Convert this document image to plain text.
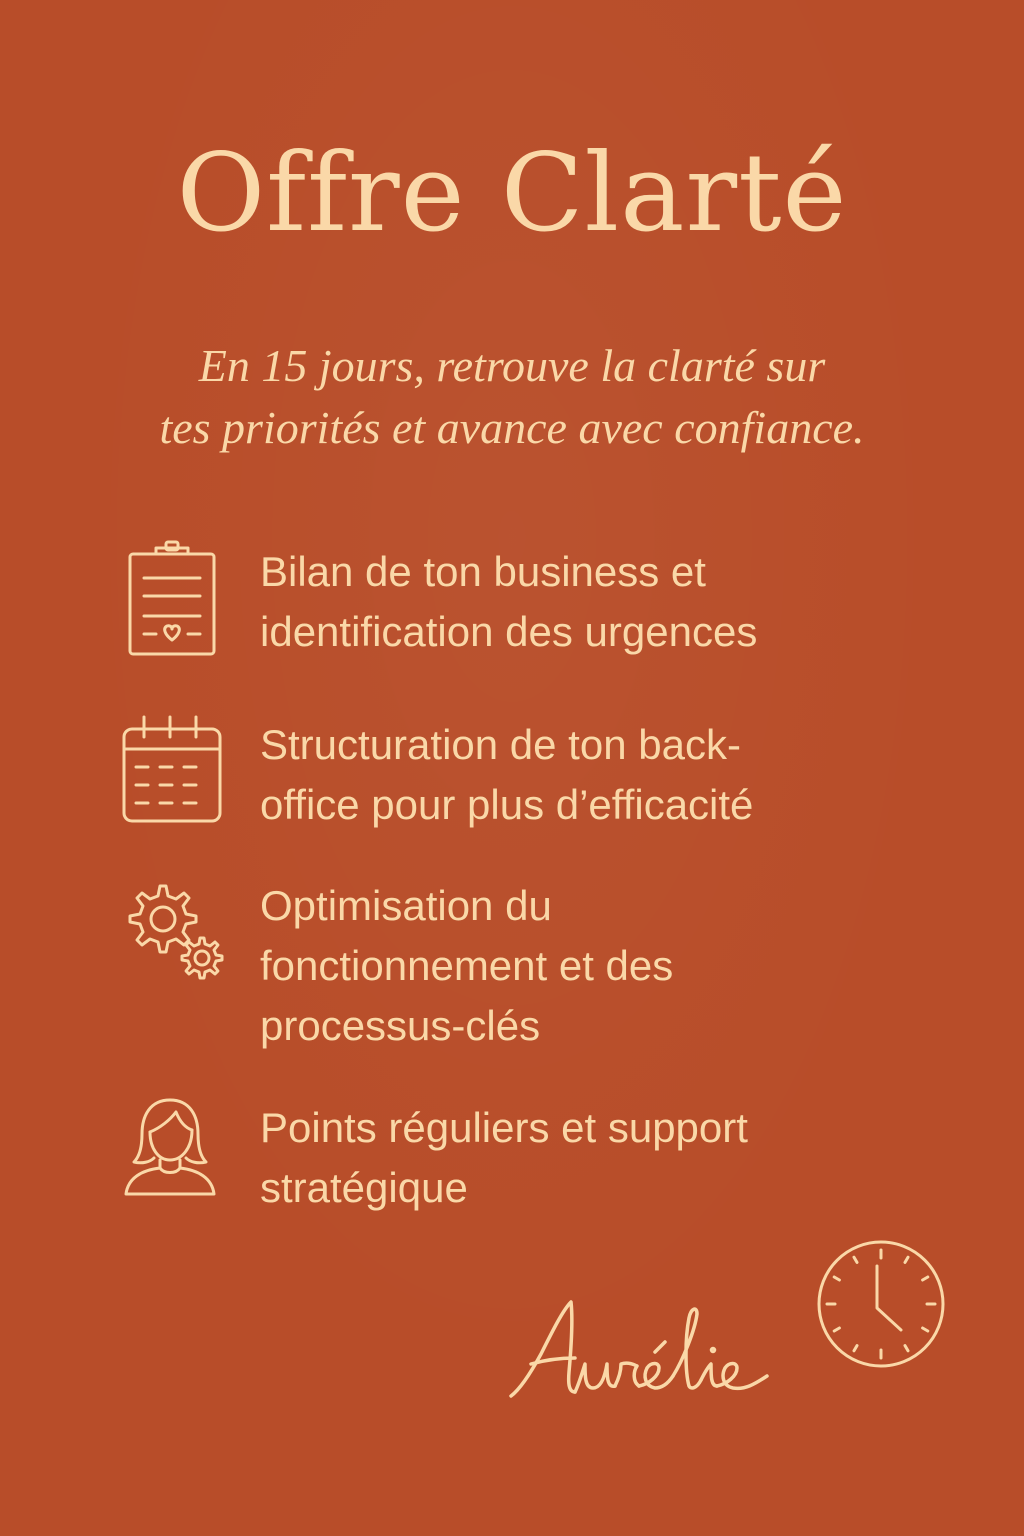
Offre Clarté

En 15 jours, retrouve la clarté sur
tes priorités et avance avec confiance.

Bilan de ton business et
identification des urgences
Structuration de ton back-
office pour plus d’efficacité
Optimisation du
fonctionnement et des
processus-clés
Points réguliers et support
stratégique
